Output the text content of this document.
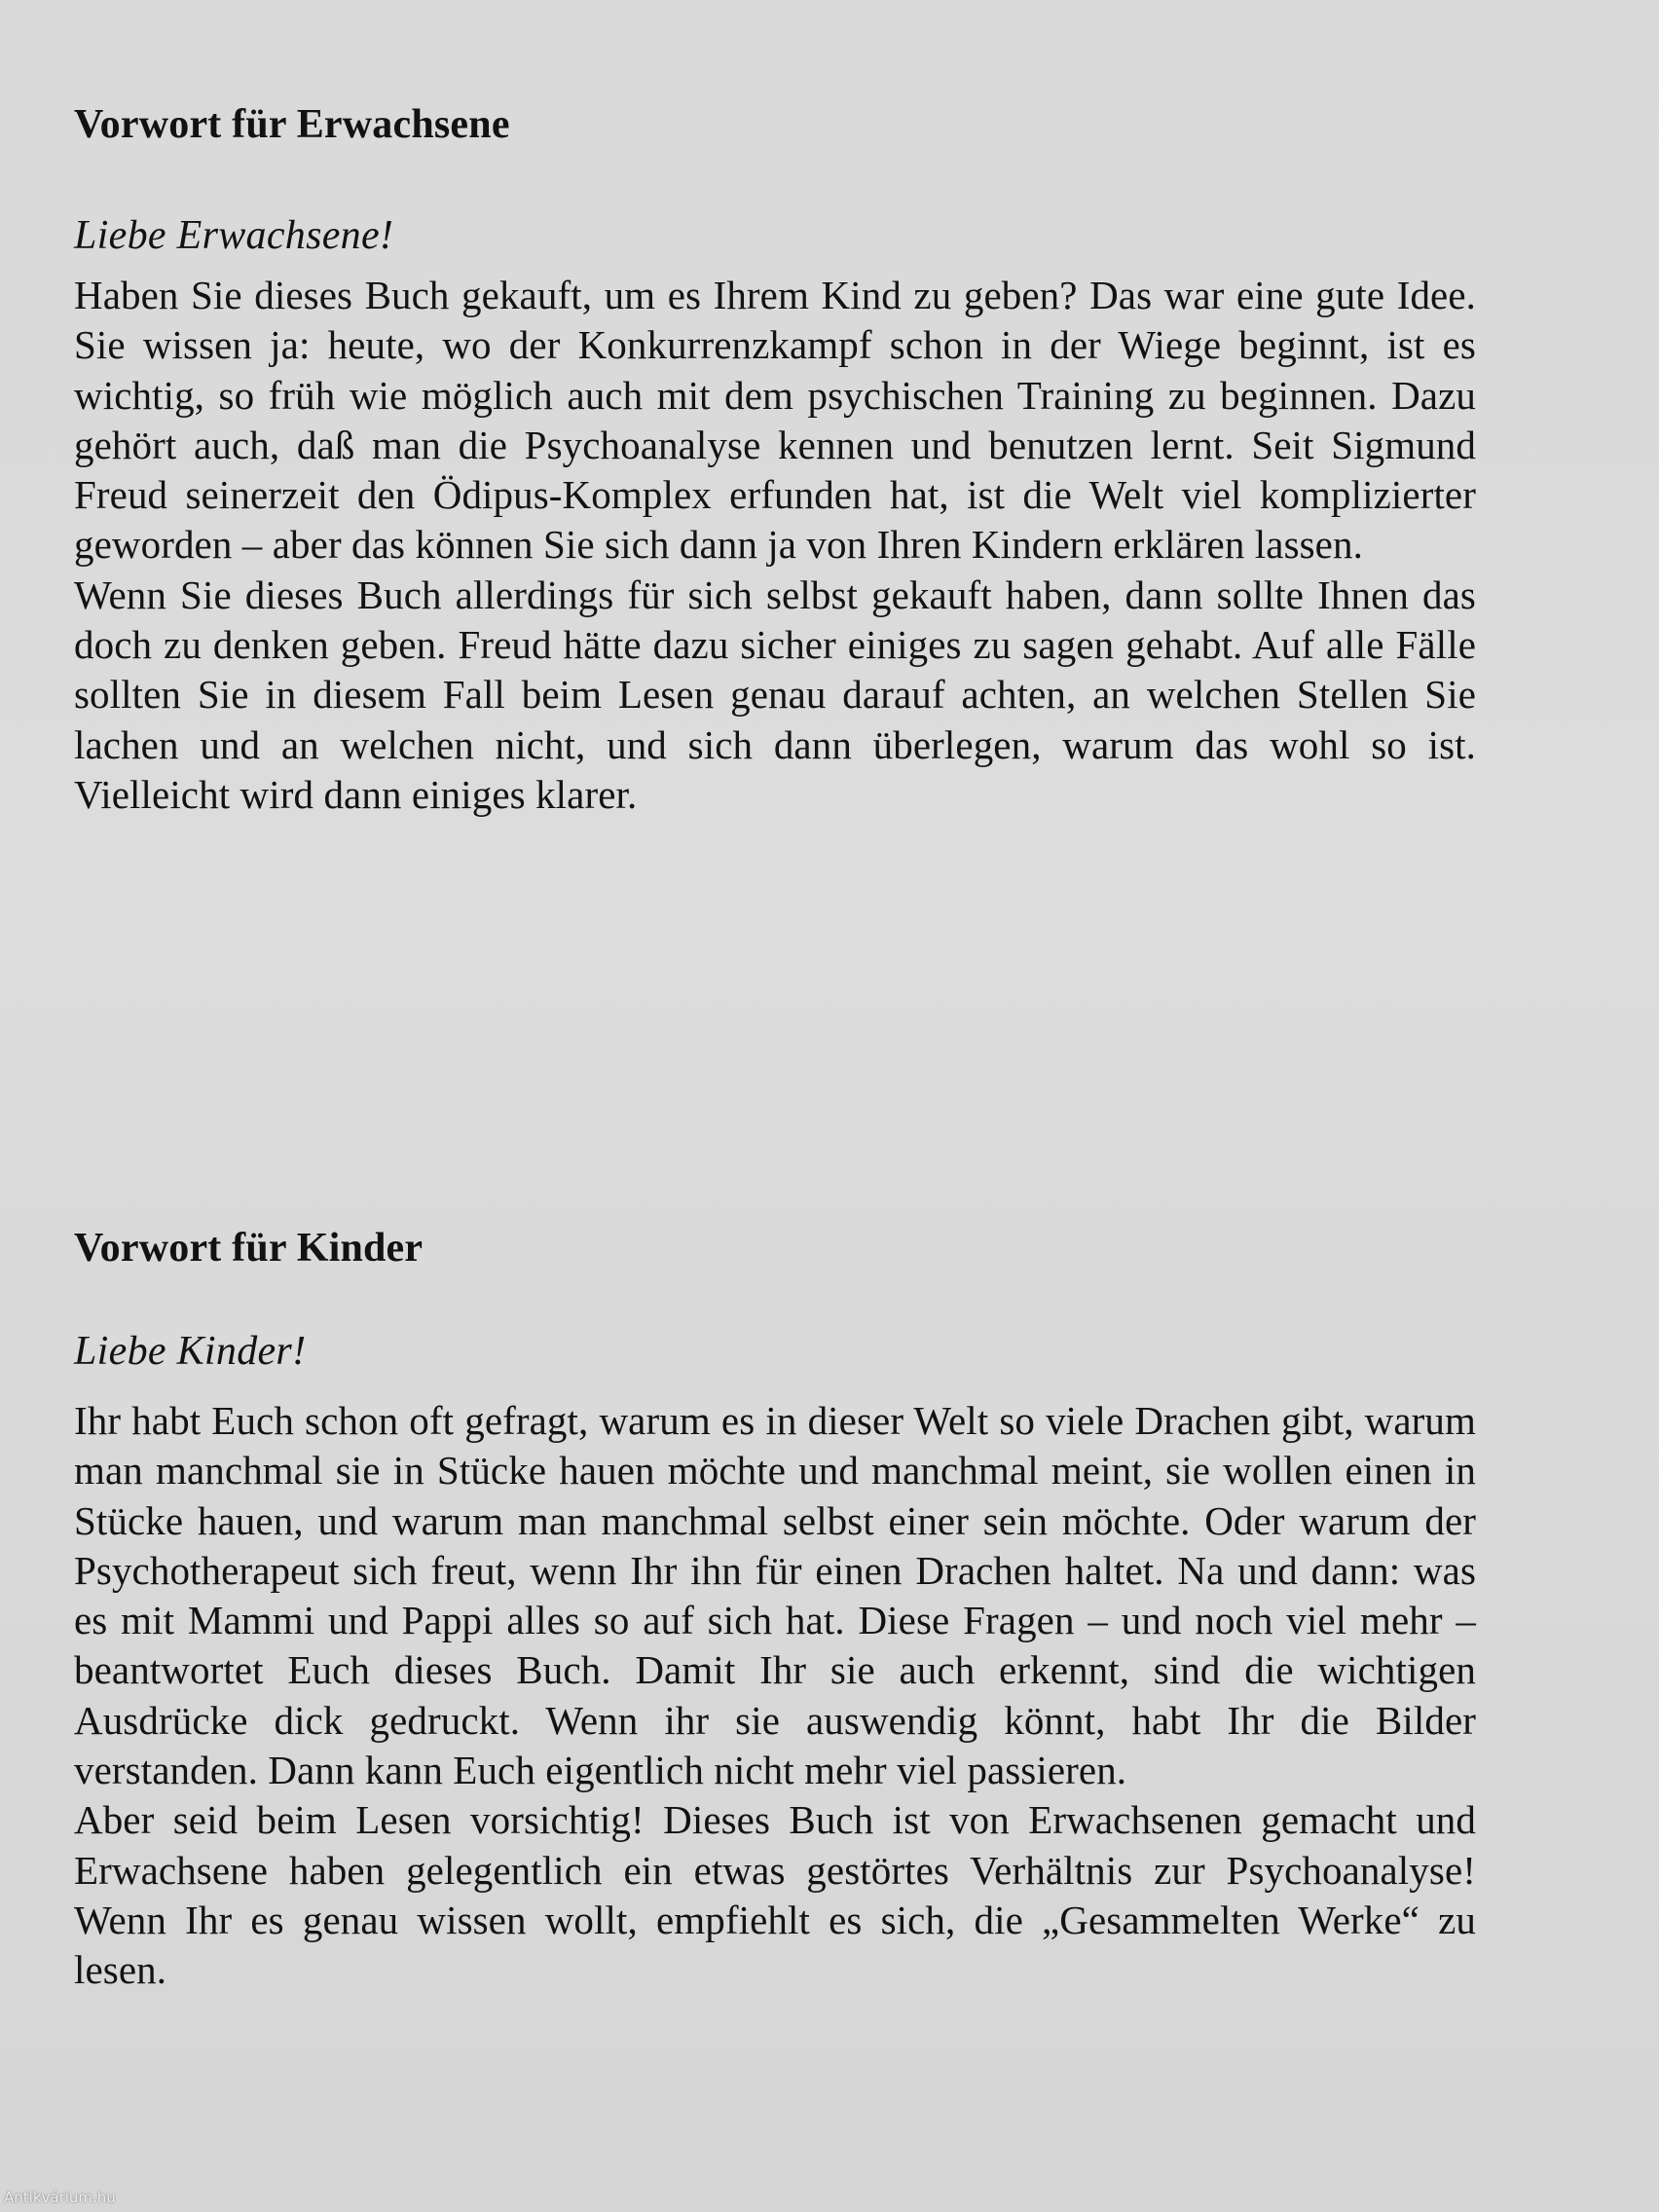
Vorwort für Erwachsene

Liebe Erwachsene!

Haben Sie dieses Buch gekauft, um es Ihrem Kind zu geben? Das war eine gute Idee. Sie wissen ja: heute, wo der Konkurrenzkampf schon in der Wiege beginnt, ist es wichtig, so früh wie möglich auch mit dem psychischen Training zu beginnen. Dazu gehört auch, daß man die Psychoanalyse kennen und benutzen lernt. Seit Sigmund Freud seinerzeit den Ödipus-Komplex erfunden hat, ist die Welt viel komplizierter geworden – aber das können Sie sich dann ja von Ihren Kindern erklären lassen.

Wenn Sie dieses Buch allerdings für sich selbst gekauft haben, dann sollte Ihnen das doch zu denken geben. Freud hätte dazu sicher einiges zu sagen gehabt. Auf alle Fälle sollten Sie in diesem Fall beim Lesen genau darauf achten, an welchen Stellen Sie lachen und an welchen nicht, und sich dann überlegen, warum das wohl so ist. Vielleicht wird dann einiges klarer.

Vorwort für Kinder

Liebe Kinder!

Ihr habt Euch schon oft gefragt, warum es in dieser Welt so viele Drachen gibt, warum man manchmal sie in Stücke hauen möchte und manchmal meint, sie wollen einen in Stücke hauen, und warum man manchmal selbst einer sein möchte. Oder warum der Psychotherapeut sich freut, wenn Ihr ihn für einen Drachen haltet. Na und dann: was es mit Mammi und Pappi alles so auf sich hat. Diese Fragen – und noch viel mehr – beantwortet Euch dieses Buch. Damit Ihr sie auch erkennt, sind die wichtigen Ausdrücke dick gedruckt. Wenn ihr sie auswendig könnt, habt Ihr die Bilder verstanden. Dann kann Euch eigentlich nicht mehr viel passieren.

Aber seid beim Lesen vorsichtig! Dieses Buch ist von Erwachsenen gemacht und Erwachsene haben gelegentlich ein etwas gestörtes Verhältnis zur Psychoanalyse! Wenn Ihr es genau wissen wollt, empfiehlt es sich, die „Gesammelten Werke“ zu lesen.

Antikvárium.hu
